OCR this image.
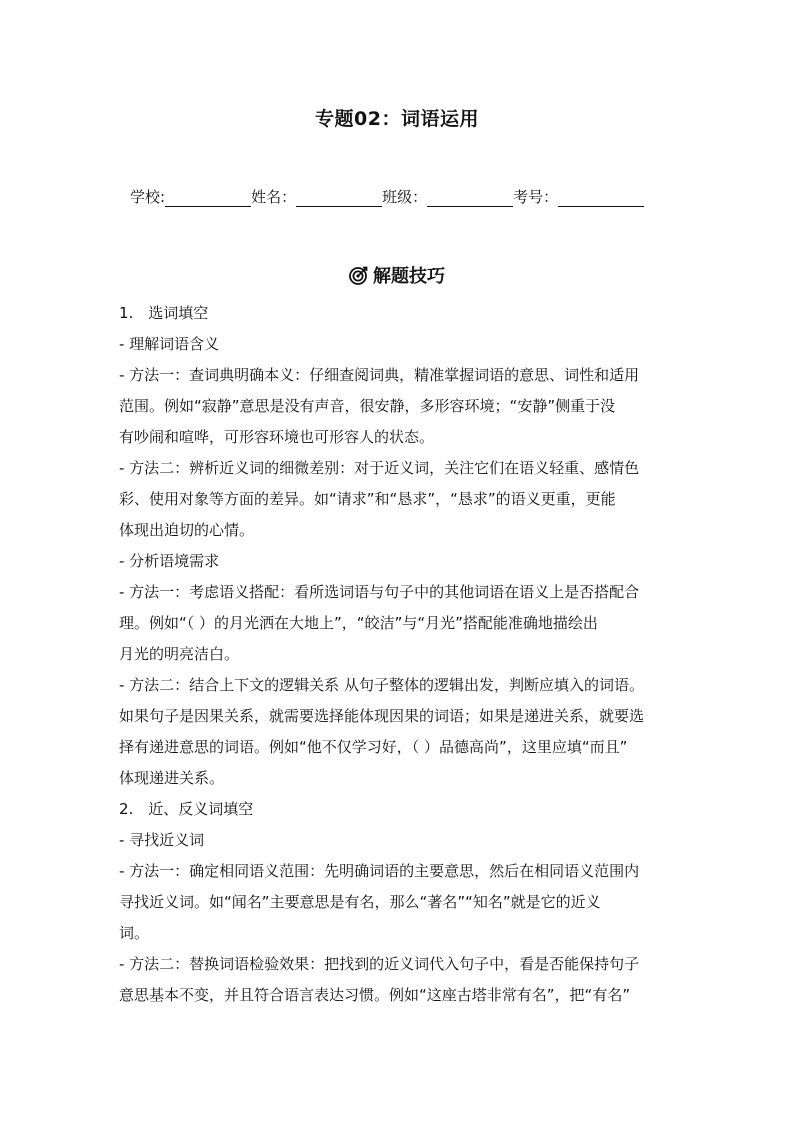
专题02：词语运用
学校:	姓名：	班级：	考号：
解题技巧

1.　选词填空

- 理解词语含义

- 方法一：查词典明确本义：仔细查阅词典，精准掌握词语的意思、词性和适用

范围。例如“寂静”意思是没有声音，很安静，多形容环境；“安静”侧重于没

有吵闹和喧哗，可形容环境也可形容人的状态。

- 方法二：辨析近义词的细微差别：对于近义词，关注它们在语义轻重、感情色

彩、使用对象等方面的差异。如“请求”和“恳求”，“恳求”的语义更重，更能

体现出迫切的心情。

- 分析语境需求

- 方法一：考虑语义搭配：看所选词语与句子中的其他词语在语义上是否搭配合

理。例如“（ ）的月光洒在大地上”，“皎洁”与“月光”搭配能准确地描绘出

月光的明亮洁白。

- 方法二：结合上下文的逻辑关系 从句子整体的逻辑出发，判断应填入的词语。

如果句子是因果关系，就需要选择能体现因果的词语；如果是递进关系，就要选

择有递进意思的词语。例如“他不仅学习好，（ ）品德高尚”，这里应填“而且”

体现递进关系。

2.　近、反义词填空

- 寻找近义词

- 方法一：确定相同语义范围：先明确词语的主要意思，然后在相同语义范围内

寻找近义词。如“闻名”主要意思是有名，那么“著名”“知名”就是它的近义

词。

- 方法二：替换词语检验效果：把找到的近义词代入句子中，看是否能保持句子

意思基本不变，并且符合语言表达习惯。例如“这座古塔非常有名”，把“有名”
